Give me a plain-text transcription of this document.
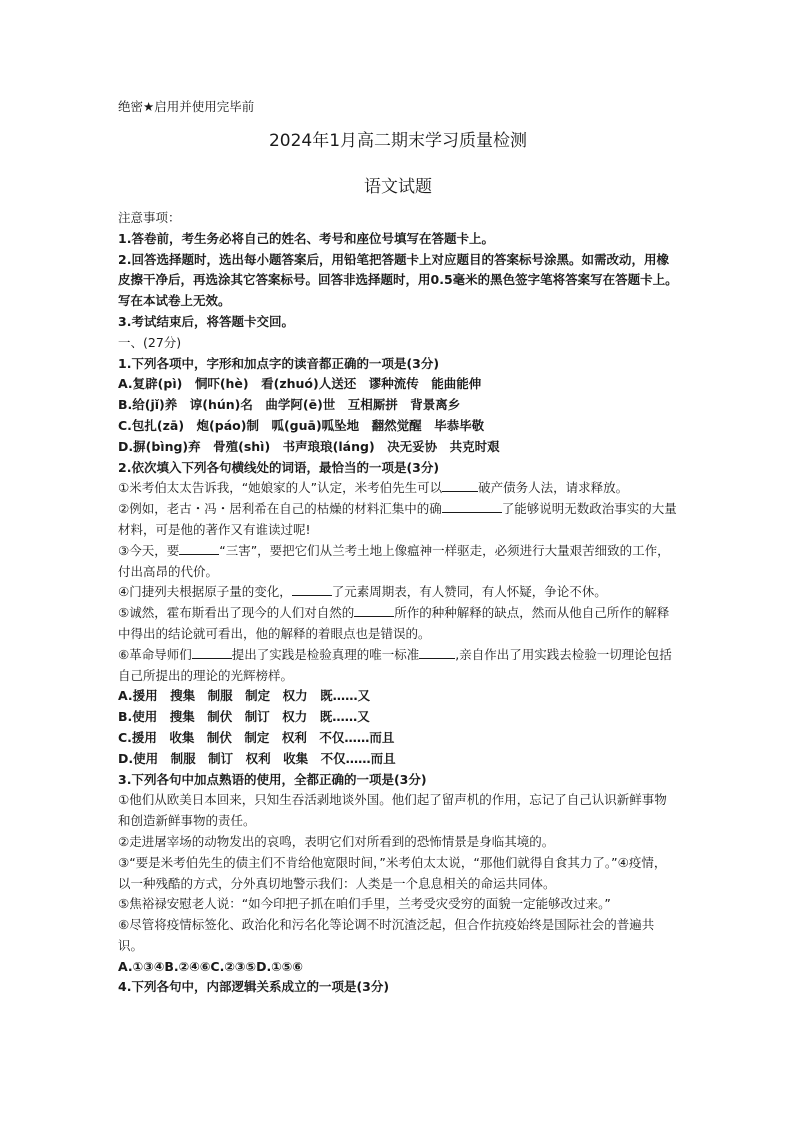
绝密★启用并使用完毕前

2024年1月高二期末学习质量检测
语文试题

注意事项：

1.答卷前，考生务必将自己的姓名、考号和座位号填写在答题卡上。

2.回答选择题时，选出每小题答案后，用铅笔把答题卡上对应题目的答案标号涂黑。如需改动，用橡皮擦干净后，再选涂其它答案标号。回答非选择题时，用0.5毫米的黑色签字笔将答案写在答题卡上。写在本试卷上无效。

3.考试结束后，将答题卡交回。

一、(27分)

1.下列各项中，字形和加点字的读音都正确的一项是(3分)

A.复辟(pì)　恫吓(hè)　看(zhuó)人送还　谬种流传　能曲能伸

B.给(jǐ)养　谆(hún)名　曲学阿(ē)世　互相厮拼　背景离乡

C.包扎(zā)　炮(páo)制　呱(guā)呱坠地　翻然觉醒　毕恭毕敬

D.摒(bìng)弃　骨殖(shì)　书声琅琅(láng)　决无妥协　共克时艰

2.依次填入下列各句横线处的词语，最恰当的一项是(3分)

①米考伯太太告诉我，“她娘家的人”认定，米考伯先生可以	破产债务人法，请求释放。

②例如，老古・冯・居利希在自己的枯燥的材料汇集中的确	了能够说明无数政治事实的大量材料，可是他的著作又有谁读过呢!

③今天，要	“三害”，要把它们从兰考土地上像瘟神一样驱走，必须进行大量艰苦细致的工作，付出高昂的代价。

④门捷列夫根据原子量的变化，	了元素周期表，有人赞同，有人怀疑，争论不休。

⑤诚然，霍布斯看出了现今的人们对自然的	所作的种种解释的缺点，然而从他自己所作的解释中得出的结论就可看出，他的解释的着眼点也是错误的。

⑥革命导师们	提出了实践是检验真理的唯一标准	,亲自作出了用实践去检验一切理论包括自己所提出的理论的光辉榜样。

A.援用　搜集　制服　制定　权力　既……又

B.使用　搜集　制伏　制订　权力　既……又

C.援用　收集　制伏　制定　权利　不仅……而且

D.使用　制服　制订　权利　收集　不仅……而且

3.下列各句中加点熟语的使用，全都正确的一项是(3分)

①他们从欧美日本回来，只知生吞活剥地谈外国。他们起了留声机的作用，忘记了自己认识新鲜事物和创造新鲜事物的责任。

②走进屠宰场的动物发出的哀鸣，表明它们对所看到的恐怖情景是身临其境的。

③“要是米考伯先生的债主们不肯给他宽限时间，”米考伯太太说，“那他们就得自食其力了。”④疫情，以一种残酷的方式，分外真切地警示我们：人类是一个息息相关的命运共同体。

⑤焦裕禄安慰老人说：“如今印把子抓在咱们手里，兰考受灾受穷的面貌一定能够改过来。”

⑥尽管将疫情标签化、政治化和污名化等论调不时沉渣泛起，但合作抗疫始终是国际社会的普遍共识。

A.①③④B.②④⑥C.②③⑤D.①⑤⑥

4.下列各句中，内部逻辑关系成立的一项是(3分)
